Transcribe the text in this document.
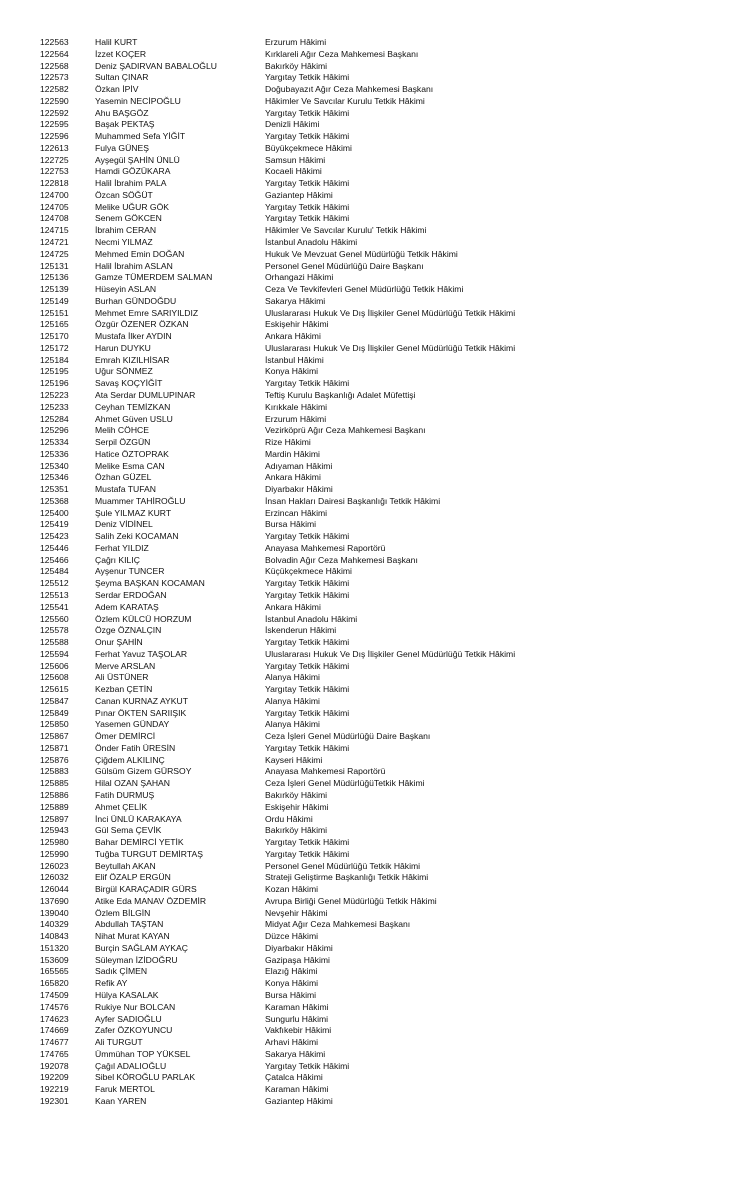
122563	Halil KURT	Erzurum Hâkimi
122564	İzzet KOÇER	Kırklareli Ağır Ceza Mahkemesi Başkanı
122568	Deniz ŞADIRVAN BABALOĞLU	Bakırköy Hâkimi
122573	Sultan ÇINAR	Yargıtay Tetkik Hâkimi
122582	Özkan İPİV	Doğubayazıt Ağır Ceza Mahkemesi Başkanı
122590	Yasemin NECİPOĞLU	Hâkimler Ve Savcılar Kurulu Tetkik Hâkimi
122592	Ahu BAŞGÖZ	Yargıtay Tetkik Hâkimi
122595	Başak PEKTAŞ	Denizli Hâkimi
122596	Muhammed Sefa YİĞİT	Yargıtay Tetkik Hâkimi
122613	Fulya GÜNEŞ	Büyükçekmece Hâkimi
122725	Ayşegül ŞAHİN ÜNLÜ	Samsun Hâkimi
122753	Hamdi GÖZÜKARA	Kocaeli Hâkimi
122818	Halil İbrahim PALA	Yargıtay Tetkik Hâkimi
124700	Özcan SÖĞÜT	Gaziantep Hâkimi
124705	Melike UĞUR GÖK	Yargıtay Tetkik Hâkimi
124708	Senem GÖKCEN	Yargıtay Tetkik Hâkimi
124715	İbrahim CERAN	Hâkimler Ve Savcılar Kurulu' Tetkik Hâkimi
124721	Necmi YILMAZ	İstanbul Anadolu Hâkimi
124725	Mehmed Emin DOĞAN	Hukuk Ve Mevzuat Genel Müdürlüğü Tetkik Hâkimi
125131	Halil İbrahim ASLAN	Personel Genel Müdürlüğü Daire Başkanı
125136	Gamze TÜMERDEM SALMAN	Orhangazi Hâkimi
125139	Hüseyin ASLAN	Ceza Ve Tevkifevleri Genel Müdürlüğü Tetkik Hâkimi
125149	Burhan GÜNDOĞDU	Sakarya Hâkimi
125151	Mehmet Emre SARIYILDIZ	Uluslararası Hukuk Ve Dış İlişkiler Genel Müdürlüğü Tetkik Hâkimi
125165	Özgür ÖZENER ÖZKAN	Eskişehir Hâkimi
125170	Mustafa İlker AYDIN	Ankara Hâkimi
125172	Harun DUYKU	Uluslararası Hukuk Ve Dış İlişkiler Genel Müdürlüğü Tetkik Hâkimi
125184	Emrah KIZILHİSAR	İstanbul Hâkimi
125195	Uğur SÖNMEZ	Konya Hâkimi
125196	Savaş KOÇYİĞİT	Yargıtay Tetkik Hâkimi
125223	Ata Serdar DUMLUPINAR	Teftiş Kurulu Başkanlığı Adalet Müfettişi
125233	Ceyhan TEMİZKAN	Kırıkkale Hâkimi
125284	Ahmet Güven USLU	Erzurum Hâkimi
125296	Melih CÖHCE	Vezirköprü Ağır Ceza Mahkemesi Başkanı
125334	Serpil ÖZGÜN	Rize Hâkimi
125336	Hatice ÖZTOPRAK	Mardin Hâkimi
125340	Melike Esma CAN	Adıyaman Hâkimi
125346	Özhan GÜZEL	Ankara Hâkimi
125351	Mustafa TUFAN	Diyarbakır Hâkimi
125368	Muammer TAHİROĞLU	İnsan Hakları Dairesi Başkanlığı Tetkik Hâkimi
125400	Şule YILMAZ KURT	Erzincan Hâkimi
125419	Deniz VİDİNEL	Bursa Hâkimi
125423	Salih Zeki KOCAMAN	Yargıtay Tetkik Hâkimi
125446	Ferhat YILDIZ	Anayasa Mahkemesi Raportörü
125466	Çağrı KILIÇ	Bolvadin Ağır Ceza Mahkemesi Başkanı
125484	Ayşenur TUNCER	Küçükçekmece Hâkimi
125512	Şeyma BAŞKAN KOCAMAN	Yargıtay Tetkik Hâkimi
125513	Serdar ERDOĞAN	Yargıtay Tetkik Hâkimi
125541	Adem KARATAŞ	Ankara Hâkimi
125560	Özlem KÜLCÜ HORZUM	İstanbul Anadolu Hâkimi
125578	Özge ÖZNALÇIN	İskenderun Hâkimi
125588	Onur ŞAHİN	Yargıtay Tetkik Hâkimi
125594	Ferhat Yavuz TAŞOLAR	Uluslararası Hukuk Ve Dış İlişkiler Genel Müdürlüğü Tetkik Hâkimi
125606	Merve ARSLAN	Yargıtay Tetkik Hâkimi
125608	Ali ÜSTÜNER	Alanya Hâkimi
125615	Kezban ÇETİN	Yargıtay Tetkik Hâkimi
125847	Canan KURNAZ AYKUT	Alanya Hâkimi
125849	Pınar ÖKTEN SARIIŞIK	Yargıtay Tetkik Hâkimi
125850	Yasemen GÜNDAY	Alanya Hâkimi
125867	Ömer DEMİRCİ	Ceza İşleri Genel Müdürlüğü Daire Başkanı
125871	Önder Fatih ÜRESİN	Yargıtay Tetkik Hâkimi
125876	Çiğdem ALKILINÇ	Kayseri Hâkimi
125883	Gülsüm Gizem GÜRSOY	Anayasa Mahkemesi Raportörü
125885	Hilal OZAN ŞAHAN	Ceza İşleri Genel MüdürlüğüTetkik Hâkimi
125886	Fatih DURMUŞ	Bakırköy Hâkimi
125889	Ahmet ÇELİK	Eskişehir Hâkimi
125897	İnci ÜNLÜ KARAKAYA	Ordu Hâkimi
125943	Gül Sema ÇEVİK	Bakırköy Hâkimi
125980	Bahar DEMİRCİ YETİK	Yargıtay Tetkik Hâkimi
125990	Tuğba TURGUT DEMİRTAŞ	Yargıtay Tetkik Hâkimi
126023	Beytullah AKAN	Personel Genel Müdürlüğü Tetkik Hâkimi
126032	Elif ÖZALP ERGÜN	Strateji Geliştirme Başkanlığı Tetkik Hâkimi
126044	Birgül KARAÇADIR GÜRS	Kozan Hâkimi
137690	Atike Eda MANAV ÖZDEMİR	Avrupa Birliği Genel Müdürlüğü Tetkik Hâkimi
139040	Özlem BİLGİN	Nevşehir Hâkimi
140329	Abdullah TAŞTAN	Midyat Ağır Ceza Mahkemesi Başkanı
140843	Nihat Murat KAYAN	Düzce Hâkimi
151320	Burçin SAĞLAM AYKAÇ	Diyarbakır Hâkimi
153609	Süleyman İZİDOĞRU	Gazipaşa Hâkimi
165565	Sadık ÇİMEN	Elazığ Hâkimi
165820	Refik AY	Konya Hâkimi
174509	Hülya KASALAK	Bursa Hâkimi
174576	Rukiye Nur BOLCAN	Karaman Hâkimi
174623	Ayfer SADIOĞLU	Sungurlu Hâkimi
174669	Zafer ÖZKOYUNCU	Vakfıkebir Hâkimi
174677	Ali TURGUT	Arhavi Hâkimi
174765	Ümmühan TOP YÜKSEL	Sakarya Hâkimi
192078	Çağıl ADALIOĞLU	Yargıtay Tetkik Hâkimi
192209	Sibel KÖROĞLU PARLAK	Çatalca Hâkimi
192219	Faruk MERTOL	Karaman Hâkimi
192301	Kaan YAREN	Gaziantep Hâkimi
